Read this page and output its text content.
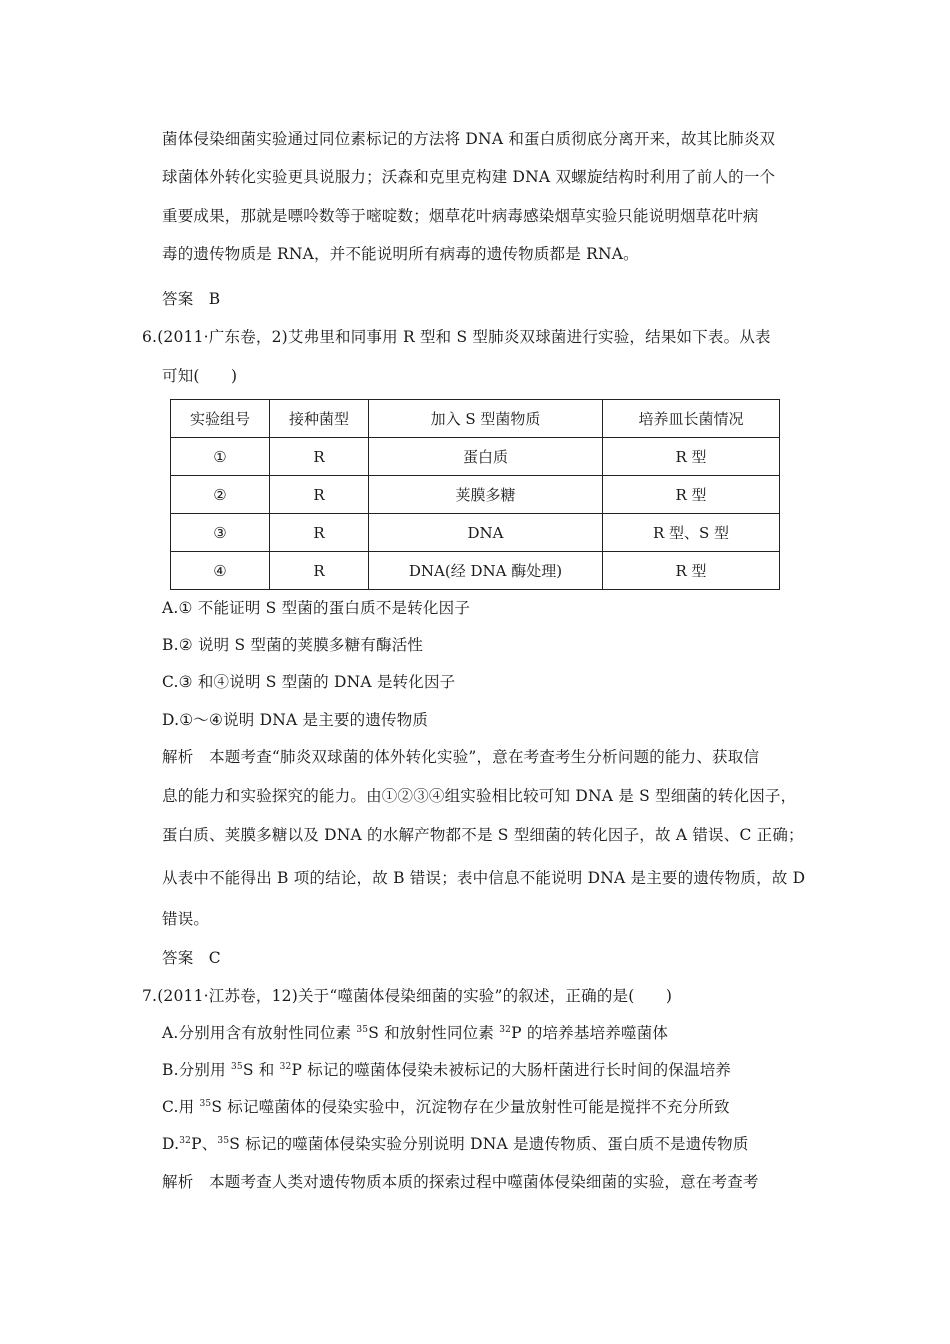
菌体侵染细菌实验通过同位素标记的方法将 DNA 和蛋白质彻底分离开来，故其比肺炎双
球菌体外转化实验更具说服力；沃森和克里克构建 DNA 双螺旋结构时利用了前人的一个
重要成果，那就是嘌呤数等于嘧啶数；烟草花叶病毒感染烟草实验只能说明烟草花叶病
毒的遗传物质是 RNA，并不能说明所有病毒的遗传物质都是 RNA。
答案 B
6.(2011·广东卷，2)艾弗里和同事用 R 型和 S 型肺炎双球菌进行实验，结果如下表。从表
可知(　　)
实验组号	接种菌型	加入 S 型菌物质	培养皿长菌情况
①	R	蛋白质	R 型
②	R	荚膜多糖	R 型
③	R	DNA	R 型、S 型
④	R	DNA(经 DNA 酶处理)	R 型
A.① 不能证明 S 型菌的蛋白质不是转化因子
B.② 说明 S 型菌的荚膜多糖有酶活性
C.③ 和④说明 S 型菌的 DNA 是转化因子
D.①～④说明 DNA 是主要的遗传物质
解析　本题考查“肺炎双球菌的体外转化实验”，意在考查考生分析问题的能力、获取信
息的能力和实验探究的能力。由①②③④组实验相比较可知 DNA 是 S 型细菌的转化因子，
蛋白质、荚膜多糖以及 DNA 的水解产物都不是 S 型细菌的转化因子，故 A 错误、C 正确；
从表中不能得出 B 项的结论，故 B 错误；表中信息不能说明 DNA 是主要的遗传物质，故 D
错误。
答案 C
7.(2011·江苏卷，12)关于“噬菌体侵染细菌的实验”的叙述，正确的是(　　)
A.分别用含有放射性同位素 $^{35}$S 和放射性同位素 $^{32}$P 的培养基培养噬菌体
B.分别用 $^{35}$S 和 $^{32}$P 标记的噬菌体侵染未被标记的大肠杆菌进行长时间的保温培养
C.用 $^{35}$S 标记噬菌体的侵染实验中，沉淀物存在少量放射性可能是搅拌不充分所致
D.$^{32}$P、$^{35}$S 标记的噬菌体侵染实验分别说明 DNA 是遗传物质、蛋白质不是遗传物质
解析　本题考查人类对遗传物质本质的探索过程中噬菌体侵染细菌的实验，意在考查考
